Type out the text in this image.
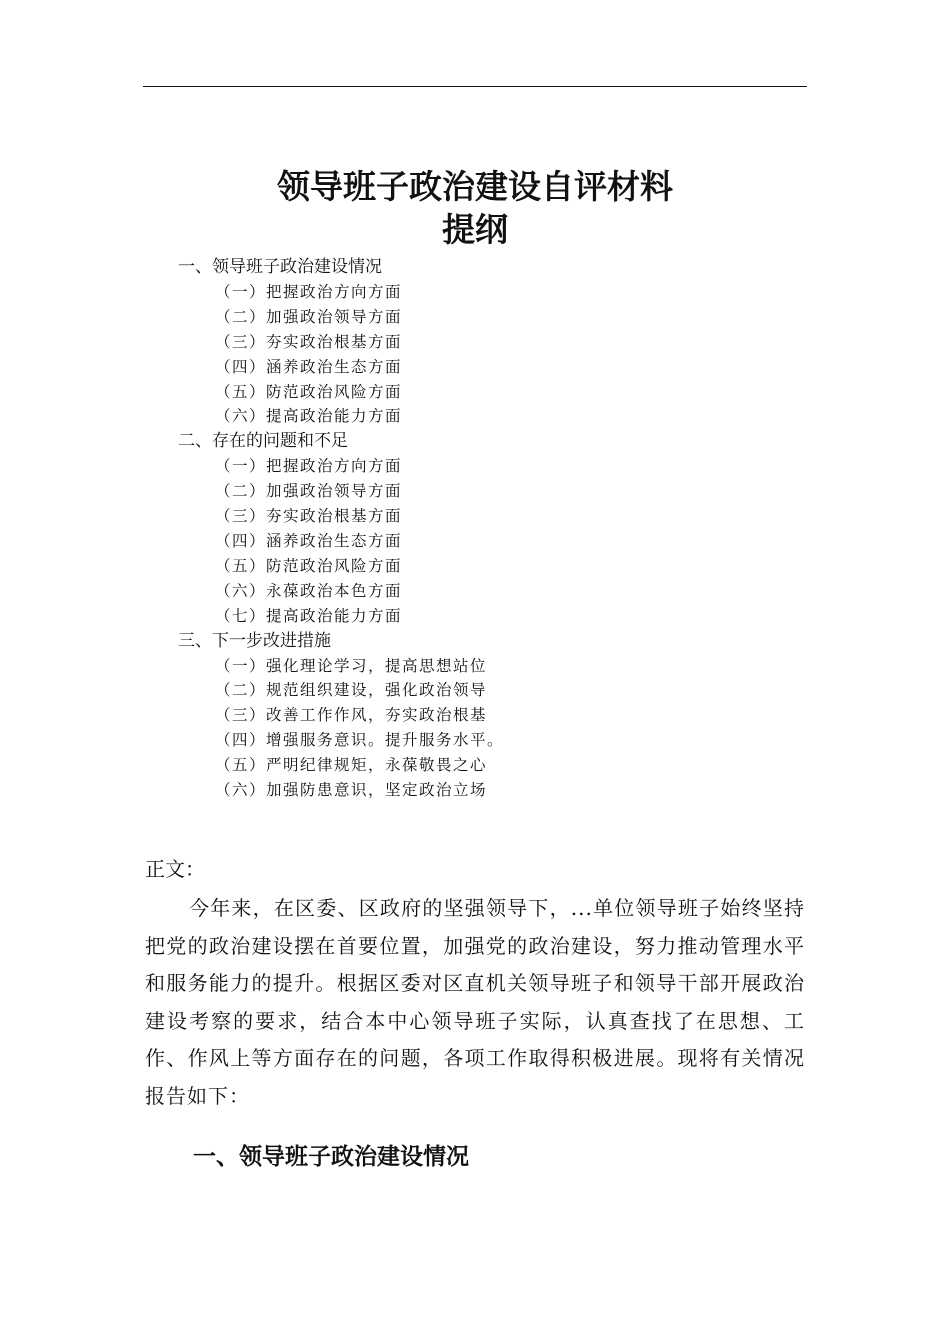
领导班子政治建设自评材料
提纲
一、领导班子政治建设情况
（一）把握政治方向方面
（二）加强政治领导方面
（三）夯实政治根基方面
（四）涵养政治生态方面
（五）防范政治风险方面
（六）提高政治能力方面
二、存在的问题和不足
（一）把握政治方向方面
（二）加强政治领导方面
（三）夯实政治根基方面
（四）涵养政治生态方面
（五）防范政治风险方面
（六）永葆政治本色方面
（七）提高政治能力方面
三、下一步改进措施
（一）强化理论学习，提高思想站位
（二）规范组织建设，强化政治领导
（三）改善工作作风，夯实政治根基
（四）增强服务意识。提升服务水平。
（五）严明纪律规矩，永葆敬畏之心
（六）加强防患意识，坚定政治立场
正文：

今年来，在区委、区政府的坚强领导下，...单位领导班子始终坚持把党的政治建设摆在首要位置，加强党的政治建设，努力推动管理水平和服务能力的提升。根据区委对区直机关领导班子和领导干部开展政治建设考察的要求，结合本中心领导班子实际，认真查找了在思想、工作、作风上等方面存在的问题，各项工作取得积极进展。现将有关情况报告如下：

一、领导班子政治建设情况
